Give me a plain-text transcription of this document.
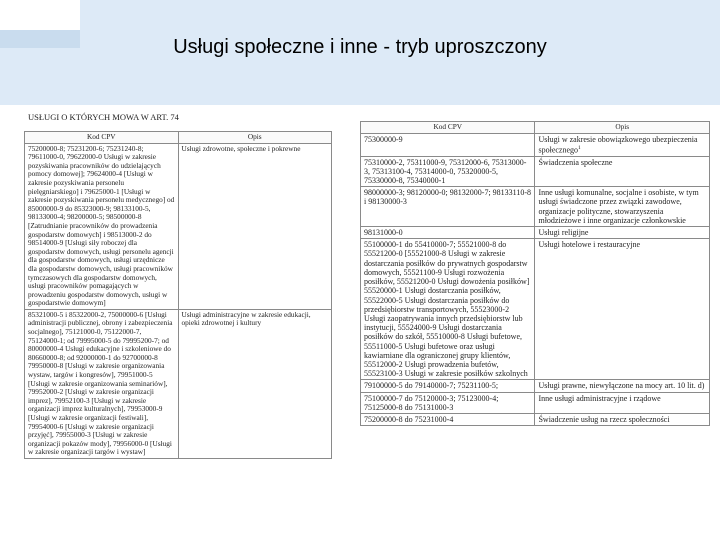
Usługi społeczne i inne - tryb uproszczony
USŁUGI O KTÓRYCH MOWA W ART. 74
Kod CPV	Opis
75200000-8; 75231200-6; 75231240-8; 79611000-0, 79622000-0 Usługi w zakresie pozyskiwania pracowników do udzielających pomocy domowej]; 79624000-4 [Usługi w zakresie pozyskiwania personelu pielęgniarskiego] i 79625000-1 [Usługi w zakresie pozyskiwania personelu medycznego] od 85000000-9 do 85323000-9; 98133100-5, 98133000-4; 98200000-5; 98500000-8 [Zatrudnianie pracowników do prowadzenia gospodarstw domowych] i 98513000-2 do 98514000-9 [Usługi siły roboczej dla gospodarstw domowych, usługi personelu agencji dla gospodarstw domowych, usługi urzędnicze dla gospodarstw domowych, usługi pracowników tymczasowych dla gospodarstw domowych, usługi pracowników pomagających w prowadzeniu gospodarstw domowych, usługi w gospodarstwie domowym]	Usługi zdrowotne, społeczne i pokrewne
85321000-5 i 85322000-2, 75000000-6 [Usługi administracji publicznej, obrony i zabezpieczenia socjalnego], 75121000-0, 75122000-7, 75124000-1; od 79995000-5 do 79995200-7; od 80000000-4 Usługi edukacyjne i szkoleniowe do 80660000-8; od 92000000-1 do 92700000-8 79950000-8 [Usługi w zakresie organizowania wystaw, targów i kongresów], 79951000-5 [Usługi w zakresie organizowania seminariów], 79952000-2 [Usługi w zakresie organizacji imprez], 79952100-3 [Usługi w zakresie organizacji imprez kulturalnych], 79953000-9 [Usługi w zakresie organizacji festiwali], 79954000-6 [Usługi w zakresie organizacji przyjęć], 79955000-3 [Usługi w zakresie organizacji pokazów mody], 79956000-0 [Usługi w zakresie organizacji targów i wystaw]	Usługi administracyjne w zakresie edukacji, opieki zdrowotnej i kultury
Kod CPV	Opis
75300000-9	Usługi w zakresie obowiązkowego ubezpieczenia społecznego$^1$
75310000-2, 75311000-9, 75312000-6, 75313000-3, 75313100-4, 75314000-0, 75320000-5, 75330000-8, 75340000-1	Świadczenia społeczne
98000000-3; 98120000-0; 98132000-7; 98133110-8 i 98130000-3	Inne usługi komunalne, socjalne i osobiste, w tym usługi świadczone przez związki zawodowe, organizacje polityczne, stowarzyszenia młodzieżowe i inne organizacje członkowskie
98131000-0	Usługi religijne
55100000-1 do 55410000-7; 55521000-8 do 55521200-0 [55521000-8 Usługi w zakresie dostarczania posiłków do prywatnych gospodarstw domowych, 55521100-9 Usługi rozwożenia posiłków, 55521200-0 Usługi dowożenia posiłków] 55520000-1 Usługi dostarczania posiłków, 55522000-5 Usługi dostarczania posiłków do przedsiębiorstw transportowych, 55523000-2 Usługi zaopatrywania innych przedsiębiorstw lub instytucji, 55524000-9 Usługi dostarczania posiłków do szkół, 55510000-8 Usługi bufetowe, 55511000-5 Usługi bufetowe oraz usługi kawiarniane dla ograniczonej grupy klientów, 55512000-2 Usługi prowadzenia bufetów, 55523100-3 Usługi w zakresie posiłków szkolnych	Usługi hotelowe i restauracyjne
79100000-5 do 79140000-7; 75231100-5;	Usługi prawne, niewyłączone na mocy art. 10 lit. d)
75100000-7 do 75120000-3; 75123000-4; 75125000-8 do 75131000-3	Inne usługi administracyjne i rządowe
75200000-8 do 75231000-4	Świadczenie usług na rzecz społeczności
